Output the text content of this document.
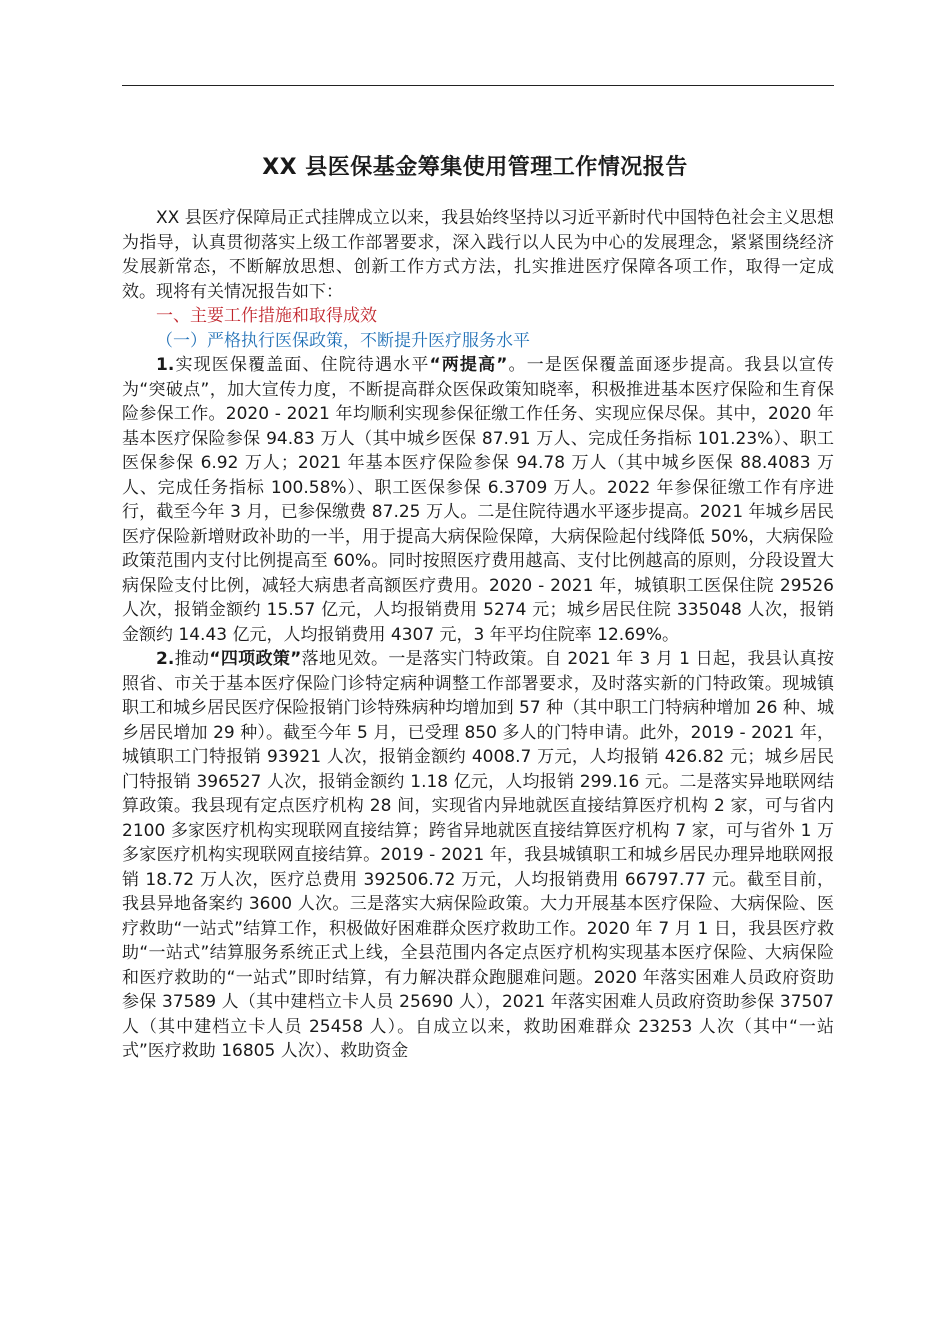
XX 县医保基金筹集使用管理工作情况报告

XX 县医疗保障局正式挂牌成立以来，我县始终坚持以习近平新时代中国特色社会主义思想为指导，认真贯彻落实上级工作部署要求，深入践行以人民为中心的发展理念，紧紧围绕经济发展新常态，不断解放思想、创新工作方式方法，扎实推进医疗保障各项工作，取得一定成效。现将有关情况报告如下：

一、主要工作措施和取得成效

（一）严格执行医保政策，不断提升医疗服务水平

1.实现医保覆盖面、住院待遇水平“两提高”。一是医保覆盖面逐步提高。我县以宣传为“突破点”，加大宣传力度，不断提高群众医保政策知晓率，积极推进基本医疗保险和生育保险参保工作。2020 - 2021 年均顺利实现参保征缴工作任务、实现应保尽保。其中，2020 年基本医疗保险参保 94.83 万人（其中城乡医保 87.91 万人、完成任务指标 101.23%）、职工医保参保 6.92 万人；2021 年基本医疗保险参保 94.78 万人（其中城乡医保 88.4083 万人、完成任务指标 100.58%）、职工医保参保 6.3709 万人。2022 年参保征缴工作有序进行，截至今年 3 月，已参保缴费 87.25 万人。二是住院待遇水平逐步提高。2021 年城乡居民医疗保险新增财政补助的一半，用于提高大病保险保障，大病保险起付线降低 50%，大病保险政策范围内支付比例提高至 60%。同时按照医疗费用越高、支付比例越高的原则，分段设置大病保险支付比例，减轻大病患者高额医疗费用。2020 - 2021 年，城镇职工医保住院 29526 人次，报销金额约 15.57 亿元，人均报销费用 5274 元；城乡居民住院 335048 人次，报销金额约 14.43 亿元，人均报销费用 4307 元，3 年平均住院率 12.69%。

2.推动“四项政策”落地见效。一是落实门特政策。自 2021 年 3 月 1 日起，我县认真按照省、市关于基本医疗保险门诊特定病种调整工作部署要求，及时落实新的门特政策。现城镇职工和城乡居民医疗保险报销门诊特殊病种均增加到 57 种（其中职工门特病种增加 26 种、城乡居民增加 29 种）。截至今年 5 月，已受理 850 多人的门特申请。此外，2019 - 2021 年，城镇职工门特报销 93921 人次，报销金额约 4008.7 万元，人均报销 426.82 元；城乡居民门特报销 396527 人次，报销金额约 1.18 亿元，人均报销 299.16 元。二是落实异地联网结算政策。我县现有定点医疗机构 28 间，实现省内异地就医直接结算医疗机构 2 家，可与省内 2100 多家医疗机构实现联网直接结算；跨省异地就医直接结算医疗机构 7 家，可与省外 1 万多家医疗机构实现联网直接结算。2019 - 2021 年，我县城镇职工和城乡居民办理异地联网报销 18.72 万人次，医疗总费用 392506.72 万元，人均报销费用 66797.77 元。截至目前，我县异地备案约 3600 人次。三是落实大病保险政策。大力开展基本医疗保险、大病保险、医疗救助“一站式”结算工作，积极做好困难群众医疗救助工作。2020 年 7 月 1 日，我县医疗救助“一站式”结算服务系统正式上线，全县范围内各定点医疗机构实现基本医疗保险、大病保险和医疗救助的“一站式”即时结算，有力解决群众跑腿难问题。2020 年落实困难人员政府资助参保 37589 人（其中建档立卡人员 25690 人），2021 年落实困难人员政府资助参保 37507 人（其中建档立卡人员 25458 人）。自成立以来，救助困难群众 23253 人次（其中“一站式”医疗救助 16805 人次）、救助资金
